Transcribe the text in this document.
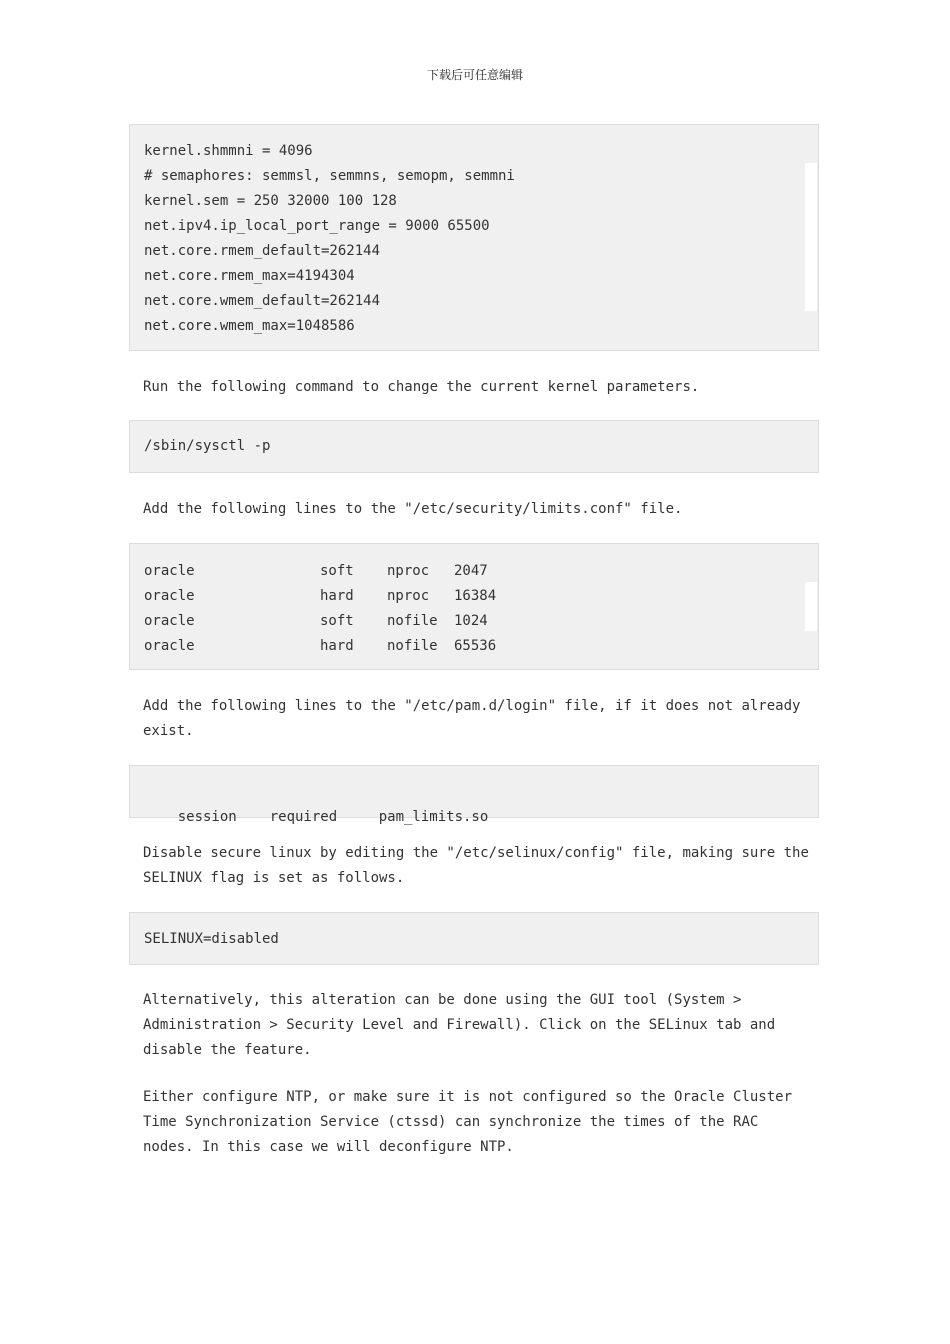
下载后可任意编辑
kernel.shmmni = 4096
# semaphores: semmsl, semmns, semopm, semmni
kernel.sem = 250 32000 100 128
net.ipv4.ip_local_port_range = 9000 65500
net.core.rmem_default=262144
net.core.rmem_max=4194304
net.core.wmem_default=262144
net.core.wmem_max=1048586
Run the following command to change the current kernel parameters.
/sbin/sysctl -p
Add the following lines to the "/etc/security/limits.conf" file.
oracle	soft	nproc	2047
oracle	hard	nproc	16384
oracle	soft	nofile	1024
oracle	hard	nofile	65536
Add the following lines to the "/etc/pam.d/login" file, if it does not already
exist.

session required	pam_limits.so

Disable secure linux by editing the "/etc/selinux/config" file, making sure the
SELINUX flag is set as follows.
SELINUX=disabled
Alternatively, this alteration can be done using the GUI tool (System >
Administration > Security Level and Firewall). Click on the SELinux tab and
disable the feature.
Either configure NTP, or make sure it is not configured so the Oracle Cluster
Time Synchronization Service (ctssd) can synchronize the times of the RAC
nodes. In this case we will deconfigure NTP.
